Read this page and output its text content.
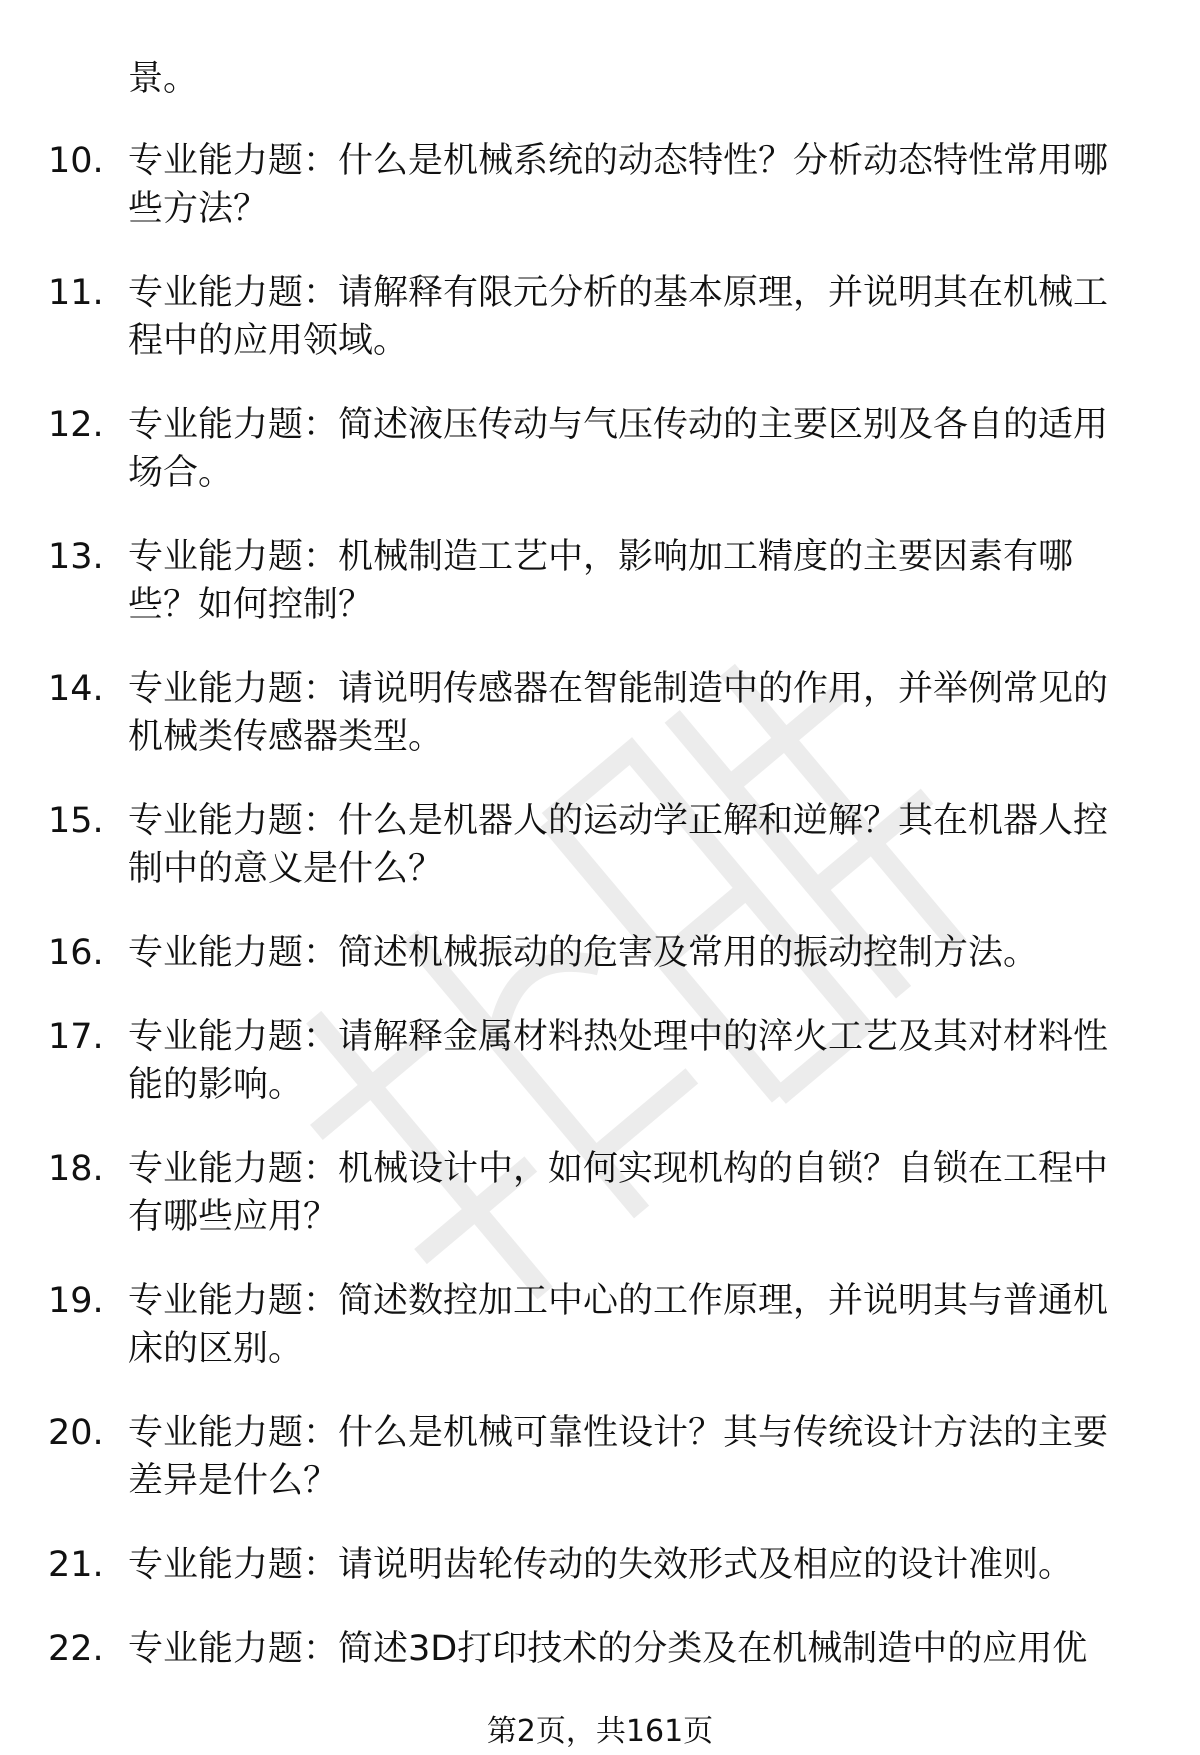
景。

10. 专业能力题：什么是机械系统的动态特性？分析动态特性常用哪
些方法？
11. 专业能力题：请解释有限元分析的基本原理，并说明其在机械工
程中的应用领域。
12. 专业能力题：简述液压传动与气压传动的主要区别及各自的适用
场合。
13. 专业能力题：机械制造工艺中，影响加工精度的主要因素有哪
些？如何控制？
14. 专业能力题：请说明传感器在智能制造中的作用，并举例常见的
机械类传感器类型。
15. 专业能力题：什么是机器人的运动学正解和逆解？其在机器人控
制中的意义是什么？
16. 专业能力题：简述机械振动的危害及常用的振动控制方法。
17. 专业能力题：请解释金属材料热处理中的淬火工艺及其对材料性
能的影响。
18. 专业能力题：机械设计中，如何实现机构的自锁？自锁在工程中
有哪些应用？
19. 专业能力题：简述数控加工中心的工作原理，并说明其与普通机
床的区别。
20. 专业能力题：什么是机械可靠性设计？其与传统设计方法的主要
差异是什么？
21. 专业能力题：请说明齿轮传动的失效形式及相应的设计准则。
22. 专业能力题：简述3D打印技术的分类及在机械制造中的应用优
第2页，共161页
